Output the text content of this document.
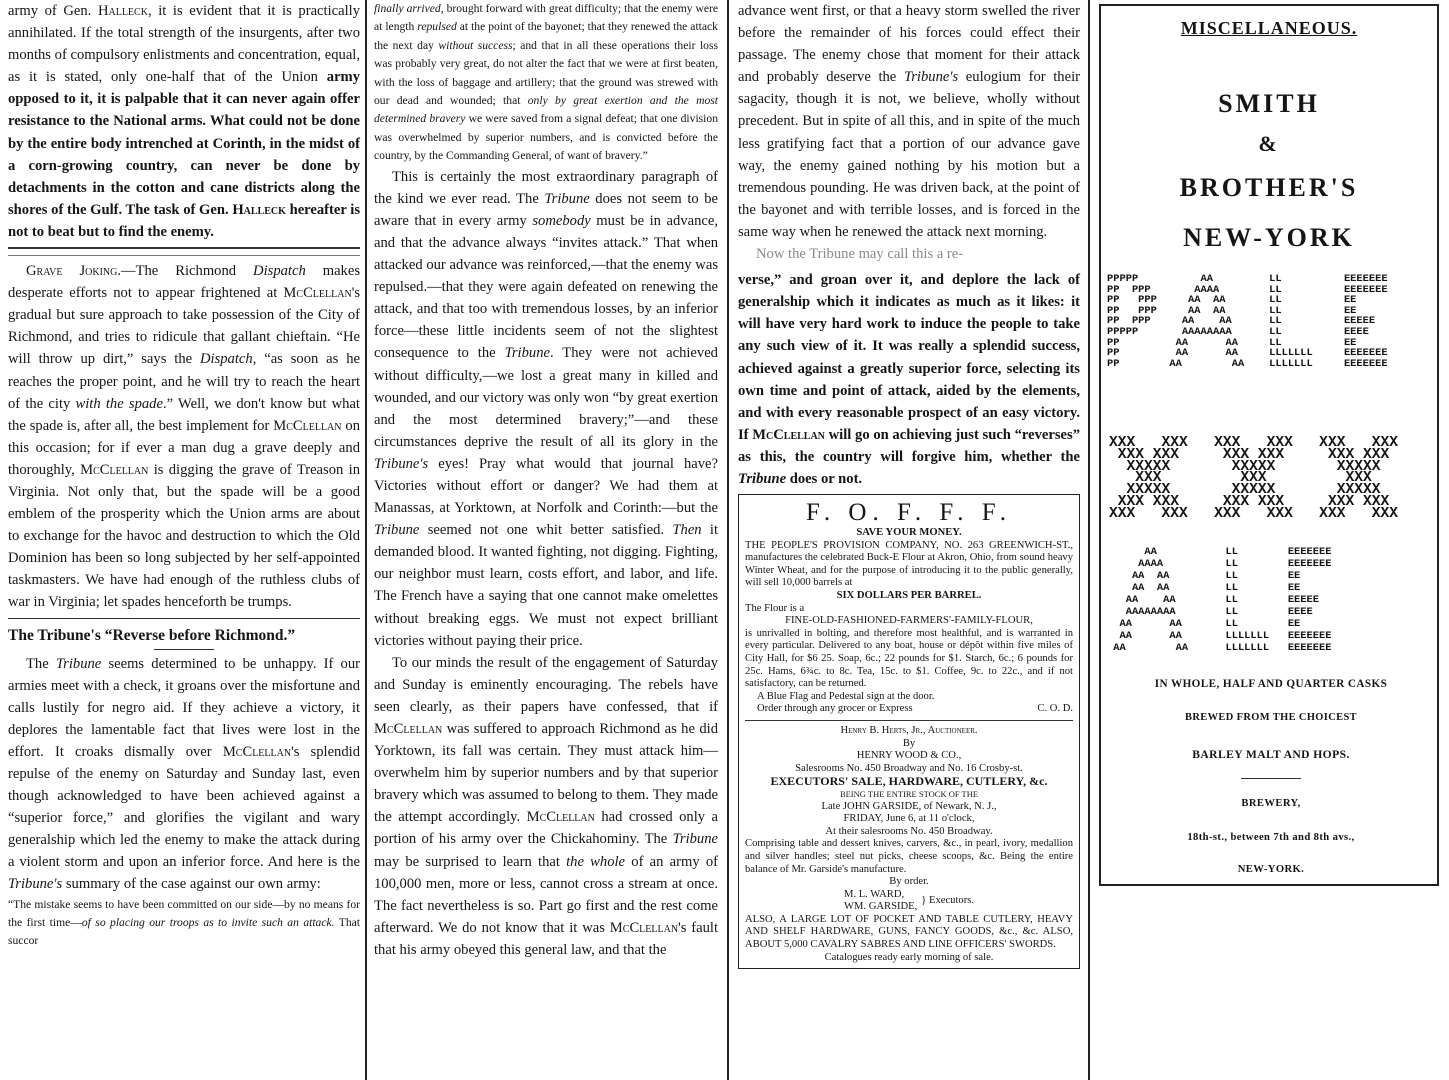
army of Gen. Halleck, it is evident that it is practically annihilated. If the total strength of the insurgents, after two months of compulsory enlistments and concentration, equal, as it is stated, only one-half that of the Union army opposed to it, it is palpable that it can never again offer resistance to the National arms. What could not be done by the entire body intrenched at Corinth, in the midst of a corn-growing country, can never be done by detachments in the cotton and cane districts along the shores of the Gulf. The task of Gen. Halleck hereafter is not to beat but to find the enemy.

Grave Joking.—The Richmond Dispatch makes desperate efforts not to appear frightened at McClellan's gradual but sure approach to take possession of the City of Richmond, and tries to ridicule that gallant chieftain. “He will throw up dirt,” says the Dispatch, “as soon as he reaches the proper point, and he will try to reach the heart of the city with the spade.” Well, we don't know but what the spade is, after all, the best implement for McClellan on this occasion; for if ever a man dug a grave deeply and thoroughly, McClellan is digging the grave of Treason in Virginia. Not only that, but the spade will be a good emblem of the prosperity which the Union arms are about to exchange for the havoc and destruction to which the Old Dominion has been so long subjected by her self-appointed taskmasters. We have had enough of the ruthless clubs of war in Virginia; let spades henceforth be trumps.

The Tribune's “Reverse before Richmond.”

The Tribune seems determined to be unhappy. If our armies meet with a check, it groans over the misfortune and calls lustily for negro aid. If they achieve a victory, it deplores the lamentable fact that lives were lost in the effort. It croaks dismally over McClellan's splendid repulse of the enemy on Saturday and Sunday last, even though acknowledged to have been achieved against a “superior force,” and glorifies the vigilant and wary generalship which led the enemy to make the attack during a violent storm and upon an inferior force. And here is the Tribune's summary of the case against our own army:

“The mistake seems to have been committed on our side—by no means for the first time—of so placing our troops as to invite such an attack. That succor

finally arrived, brought forward with great difficulty; that the enemy were at length repulsed at the point of the bayonet; that they renewed the attack the next day without success; and that in all these operations their loss was probably very great, do not alter the fact that we were at first beaten, with the loss of baggage and artillery; that the ground was strewed with our dead and wounded; that only by great exertion and the most determined bravery we were saved from a signal defeat; that one division was overwhelmed by superior numbers, and is convicted before the country, by the Commanding General, of want of bravery.”

This is certainly the most extraordinary paragraph of the kind we ever read. The Tribune does not seem to be aware that in every army somebody must be in advance, and that the advance always “invites attack.” That when attacked our advance was reinforced,—that the enemy was repulsed.—that they were again defeated on renewing the attack, and that too with tremendous losses, by an inferior force—these little incidents seem of not the slightest consequence to the Tribune. They were not achieved without difficulty,—we lost a great many in killed and wounded, and our victory was only won “by great exertion and the most determined bravery;”—and these circumstances deprive the result of all its glory in the Tribune's eyes! Pray what would that journal have? Victories without effort or danger? We had them at Manassas, at Yorktown, at Norfolk and Corinth:—but the Tribune seemed not one whit better satisfied. Then it demanded blood. It wanted fighting, not digging. Fighting, our neighbor must learn, costs effort, and labor, and life. The French have a saying that one cannot make omelettes without breaking eggs. We must not expect brilliant victories without paying their price.

To our minds the result of the engagement of Saturday and Sunday is eminently encouraging. The rebels have seen clearly, as their papers have confessed, that if McClellan was suffered to approach Richmond as he did Yorktown, its fall was certain. They must attack him—overwhelm him by superior numbers and by that superior bravery which was assumed to belong to them. They made the attempt accordingly. McClellan had crossed only a portion of his army over the Chickahominy. The Tribune may be surprised to learn that the whole of an army of 100,000 men, more or less, cannot cross a stream at once. The fact nevertheless is so. Part go first and the rest come afterward. We do not know that it was McClellan's fault that his army obeyed this general law, and that the

advance went first, or that a heavy storm swelled the river before the remainder of his forces could effect their passage. The enemy chose that moment for their attack and probably deserve the Tribune's eulogium for their sagacity, though it is not, we believe, wholly without precedent. But in spite of all this, and in spite of the much less gratifying fact that a portion of our advance gave way, the enemy gained nothing by his motion but a tremendous pounding. He was driven back, at the point of the bayonet and with terrible losses, and is forced in the same way when he renewed the attack next morning.

Now the Tribune may call this a re-

verse,” and groan over it, and deplore the lack of generalship which it indicates as much as it likes: it will have very hard work to induce the people to take any such view of it. It was really a splendid success, achieved against a greatly superior force, selecting its own time and point of attack, aided by the elements, and with every reasonable prospect of an easy victory. If McClellan will go on achieving just such “reverses” as this, the country will forgive him, whether the Tribune does or not.

F. O. F. F. F.
SAVE YOUR MONEY.
THE PEOPLE'S PROVISION COMPANY, NO. 263 GREENWICH-ST., manufactures the celebrated Buck-E Flour at Akron, Ohio, from sound heavy Winter Wheat, and for the purpose of introducing it to the public generally, will sell 10,000 barrels at
SIX DOLLARS PER BARREL.
The Flour is a
FINE-OLD-FASHIONED-FARMERS'-FAMILY-FLOUR,
is unrivalled in bolting, and therefore most healthful, and is warranted in every particular. Delivered to any boat, house or dépôt within five miles of City Hall, for $6 25. Soap, 6c.; 22 pounds for $1. Starch, 6c.; 6 pounds for 25c. Hams, 6¾c. to 8c. Tea, 15c. to $1. Coffee, 9c. to 22c., and if not satisfactory, can be returned.
A Blue Flag and Pedestal sign at the door.
Order through any grocer or Express	C. O. D.
Henry B. Herts, Jr., Auctioneer.
By
HENRY WOOD & CO.,
Salesrooms No. 450 Broadway and No. 16 Crosby-st.
EXECUTORS' SALE, HARDWARE, CUTLERY, &c.
BEING THE ENTIRE STOCK OF THE
Late JOHN GARSIDE, of Newark, N. J.,
FRIDAY, June 6, at 11 o'clock,
At their salesrooms No. 450 Broadway.
Comprising table and dessert knives, carvers, &c., in pearl, ivory, medallion and silver handles; steel nut picks, cheese scoops, &c. Being the entire balance of Mr. Garside's manufacture.
By order.
M. L. WARD,
WM. GARSIDE,
} Executors.
ALSO, A LARGE LOT OF POCKET AND TABLE CUTLERY, HEAVY AND SHELF HARDWARE, GUNS, FANCY GOODS, &c., &c. ALSO, ABOUT 5,000 CAVALRY SABRES AND LINE OFFICERS' SWORDS.
Catalogues ready early morning of sale.
MISCELLANEOUS.
SMITH
&
BROTHER'S
NEW-YORK
PPPPP          AA         LL          EEEEEEE
PP  PPP       AAAA        LL          EEEEEEE
PP   PPP     AA  AA       LL          EE
PP   PPP     AA  AA       LL          EE
PP  PPP     AA    AA      LL          EEEEE
PPPPP       AAAAAAAA      LL          EEEE
PP         AA      AA     LL          EE
PP         AA      AA     LLLLLLL     EEEEEEE
PP        AA        AA    LLLLLLL     EEEEEEE
XXX   XXX   XXX   XXX   XXX   XXX
XXX XXX     XXX XXX     XXX XXX
XXXXX       XXXXX       XXXXX
XXX         XXX         XXX
XXXXX       XXXXX       XXXXX
XXX XXX     XXX XXX     XXX XXX
XXX   XXX   XXX   XXX   XXX   XXX
AA           LL        EEEEEEE
AAAA          LL        EEEEEEE
AA  AA         LL        EE
AA  AA         LL        EE
AA    AA        LL        EEEEE
AAAAAAAA        LL        EEEE
AA      AA       LL        EE
AA      AA       LLLLLLL   EEEEEEE
AA        AA      LLLLLLL   EEEEEEE
IN WHOLE, HALF AND QUARTER CASKS
BREWED FROM THE CHOICEST
BARLEY MALT AND HOPS.
BREWERY,
18th-st., between 7th and 8th avs.,
NEW-YORK.
